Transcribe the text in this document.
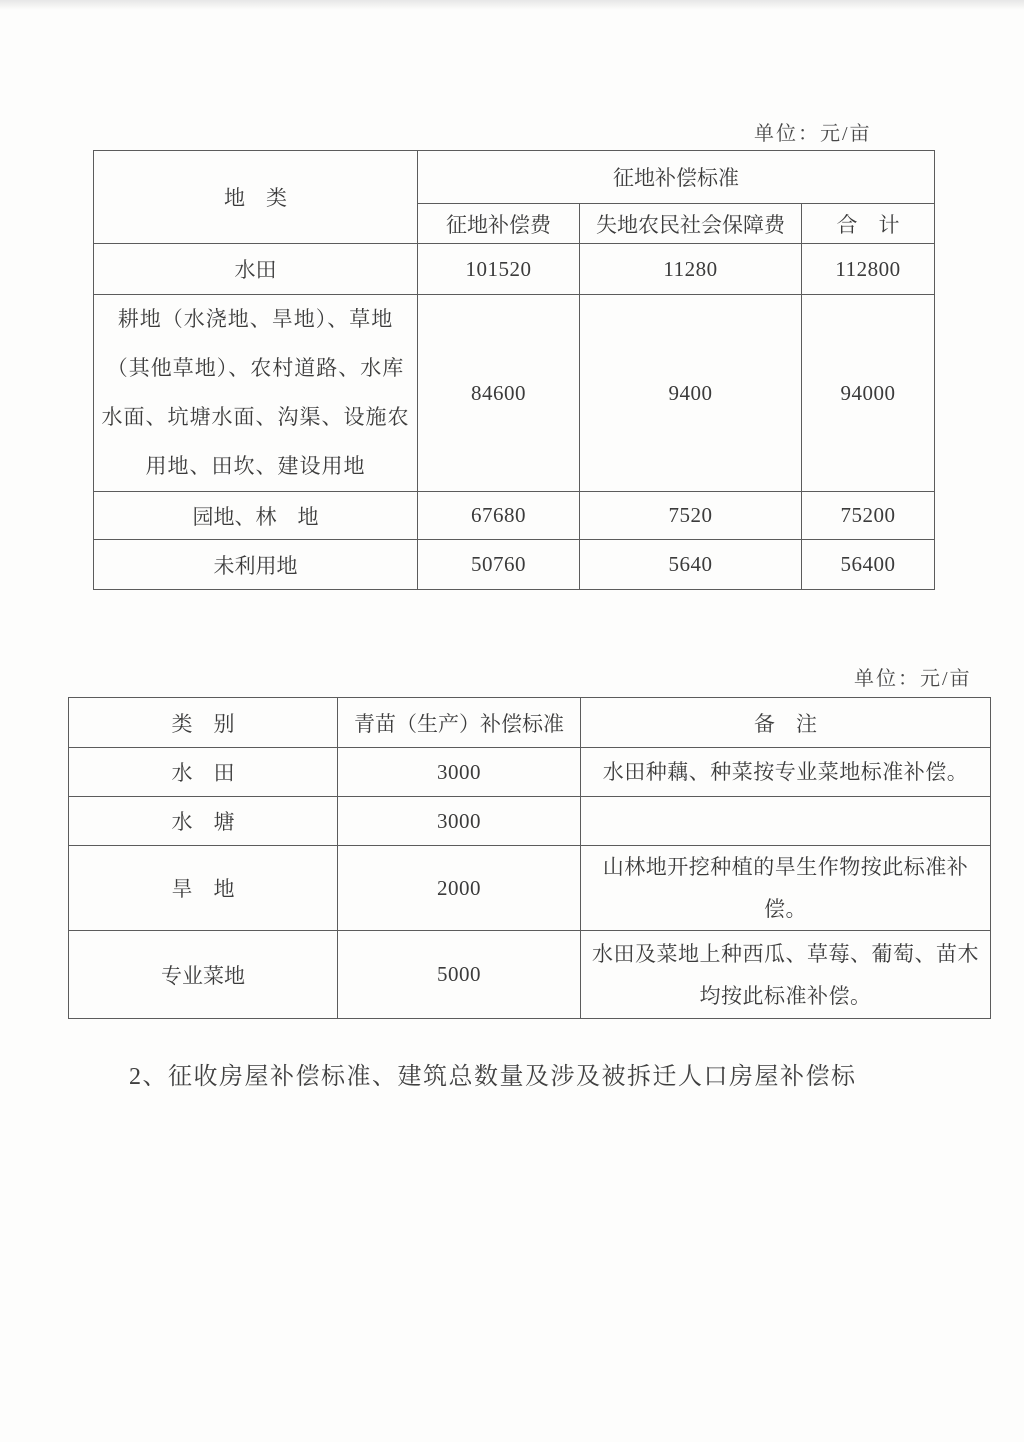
单位：元/亩
地　类	征地补偿标准		
	征地补偿费	失地农民社会保障费	合　计
水田	101520	11280	112800
耕地（水浇地、旱地）、草地（其他草地）、农村道路、水库水面、坑塘水面、沟渠、设施农用地、田坎、建设用地	84600	9400	94000
园地、林　地	67680	7520	75200
未利用地	50760	5640	56400
单位：元/亩
类　别	青苗（生产）补偿标准	备　注
水　田	3000	水田种藕、种菜按专业菜地标准补偿。
水　塘	3000	
旱　地	2000	山林地开挖种植的旱生作物按此标准补偿。
专业菜地	5000	水田及菜地上种西瓜、草莓、葡萄、苗木均按此标准补偿。
2、征收房屋补偿标准、建筑总数量及涉及被拆迁人口房屋补偿标
